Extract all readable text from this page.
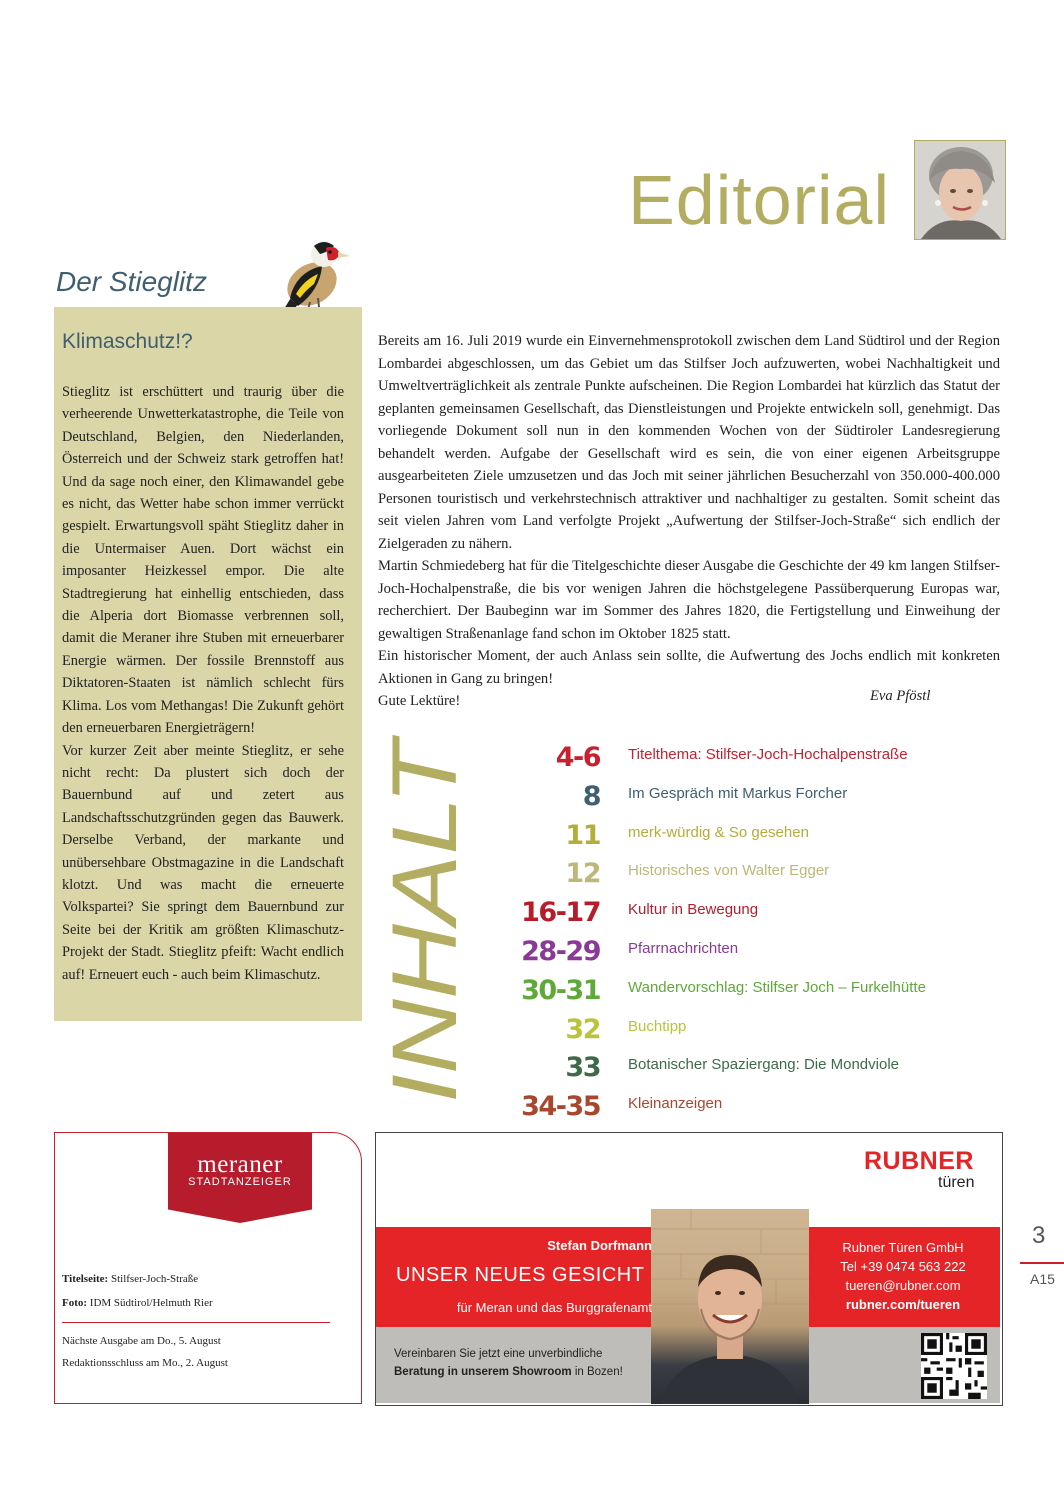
Editorial
Der Stieglitz
Klimaschutz!?
Stieglitz ist erschüttert und traurig über die verheerende Unwetterkatastrophe, die Teile von Deutschland, Belgien, den Niederlanden, Österreich und der Schweiz stark getroffen hat! Und da sage noch einer, den Klimawandel gebe es nicht, das Wetter habe schon immer verrückt gespielt. Erwartungsvoll späht Stieglitz daher in die Untermaiser Auen. Dort wächst ein imposanter Heizkessel empor. Die alte Stadtregierung hat einhellig entschieden, dass die Alperia dort Biomasse verbrennen soll, damit die Meraner ihre Stuben mit erneuerbarer Energie wärmen. Der fossile Brennstoff aus Diktatoren-Staaten ist nämlich schlecht fürs Klima. Los vom Methangas! Die Zukunft gehört den erneuerbaren Energieträgern!
Vor kurzer Zeit aber meinte Stieglitz, er sehe nicht recht: Da plustert sich doch der Bauernbund auf und zetert aus Landschaftsschutzgründen gegen das Bauwerk. Derselbe Verband, der markante und unübersehbare Obstmagazine in die Landschaft klotzt. Und was macht die erneuerte Volkspartei? Sie springt dem Bauernbund zur Seite bei der Kritik am größten Klimaschutz-Projekt der Stadt. Stieglitz pfeift: Wacht endlich auf! Erneuert euch - auch beim Klimaschutz.
Bereits am 16. Juli 2019 wurde ein Einvernehmensprotokoll zwischen dem Land Südtirol und der Region Lombardei abgeschlossen, um das Gebiet um das Stilfser Joch aufzuwerten, wobei Nachhaltigkeit und Umweltverträglichkeit als zentrale Punkte aufscheinen. Die Region Lombardei hat kürzlich das Statut der geplanten gemeinsamen Gesellschaft, das Dienstleistungen und Projekte entwickeln soll, genehmigt. Das vorliegende Dokument soll nun in den kommenden Wochen von der Südtiroler Landesregierung behandelt werden. Aufgabe der Gesellschaft wird es sein, die von einer eigenen Arbeitsgruppe ausgearbeiteten Ziele umzusetzen und das Joch mit seiner jährlichen Besucherzahl von 350.000-400.000 Personen touristisch und verkehrstechnisch attraktiver und nachhaltiger zu gestalten. Somit scheint das seit vielen Jahren vom Land verfolgte Projekt „Aufwertung der Stilfser-Joch-Straße“ sich endlich der Zielgeraden zu nähern.
Martin Schmiedeberg hat für die Titelgeschichte dieser Ausgabe die Geschichte der 49 km langen Stilfser-Joch-Hochalpenstraße, die bis vor wenigen Jahren die höchstgelegene Passüberquerung Europas war, recherchiert. Der Baubeginn war im Sommer des Jahres 1820, die Fertigstellung und Einweihung der gewaltigen Straßenanlage fand schon im Oktober 1825 statt.
Ein historischer Moment, der auch Anlass sein sollte, die Aufwertung des Jochs endlich mit konkreten Aktionen in Gang zu bringen!
Gute Lektüre!	Eva Pföstl
INHALT
4-6 Titelthema: Stilfser-Joch-Hochalpenstraße
8 Im Gespräch mit Markus Forcher
11 merk-würdig & So gesehen
12 Historisches von Walter Egger
16-17 Kultur in Bewegung
28-29 Pfarrnachrichten
30-31 Wandervorschlag: Stilfser Joch – Furkelhütte
32 Buchtipp
33 Botanischer Spaziergang: Die Mondviole
34-35 Kleinanzeigen
meraner
STADTANZEIGER
Titelseite: Stilfser-Joch-Straße
Foto: IDM Südtirol/Helmuth Rier
Nächste Ausgabe am Do., 5. August
Redaktionsschluss am Mo., 2. August
RUBNER
türen
Stefan Dorfmann
UNSER NEUES GESICHT
für Meran und das Burggrafenamt
Rubner Türen GmbH
Tel +39 0474 563 222
tueren@rubner.com
rubner.com/tueren
Vereinbaren Sie jetzt eine unverbindliche
Beratung in unserem Showroom in Bozen!
3
A15
